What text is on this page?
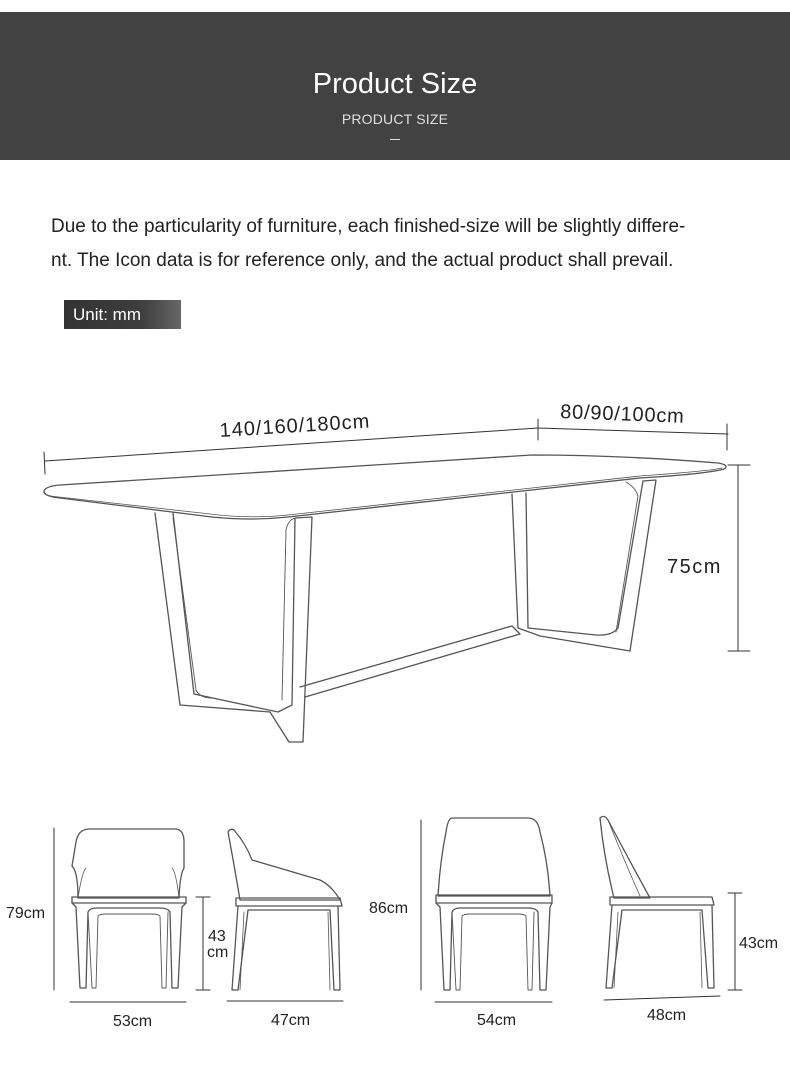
Product Size
PRODUCT SIZE
Due to the particularity of furniture, each finished-size will be slightly differe-
nt. The Icon data is for reference only, and the actual product shall prevail.
Unit: mm
140/160/180cm	80/90/100cm
75cm
79cm
53cm
43
cm
47cm
86cm
54cm
43cm
48cm
